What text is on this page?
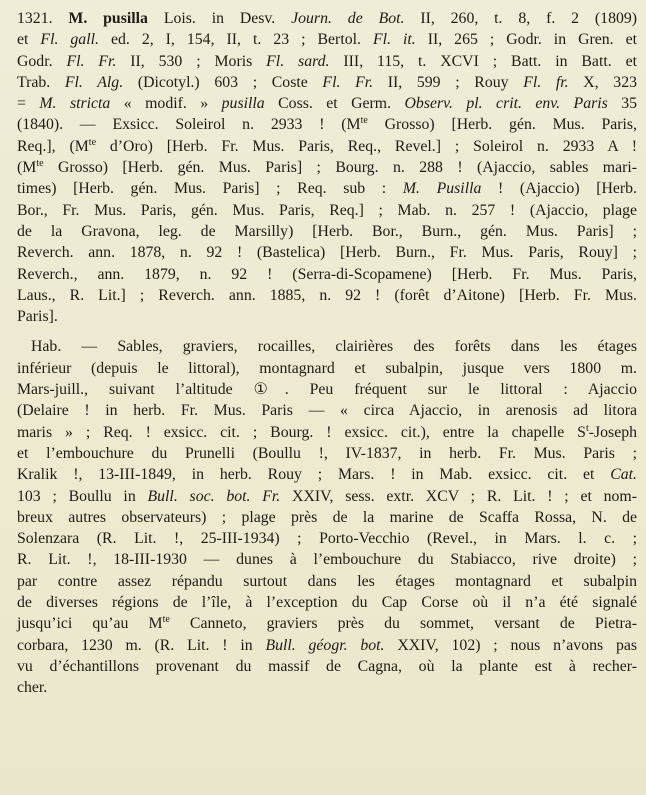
1321. M. pusilla Lois. in Desv. Journ. de Bot. II, 260, t. 8, f. 2 (1809)
et Fl. gall. ed. 2, I, 154, II, t. 23 ; Bertol. Fl. it. II, 265 ; Godr. in Gren. et
Godr. Fl. Fr. II, 530 ; Moris Fl. sard. III, 115, t. XCVI ; Batt. in Batt. et
Trab. Fl. Alg. (Dicotyl.) 603 ; Coste Fl. Fr. II, 599 ; Rouy Fl. fr. X, 323
= M. stricta « modif. » pusilla Coss. et Germ. Observ. pl. crit. env. Paris 35
(1840). — Exsicc. Soleirol n. 2933 ! ($M^{te}$ Grosso) [Herb. gén. Mus. Paris,
Req.], ($M^{te}$ d’Oro) [Herb. Fr. Mus. Paris, Req., Revel.] ; Soleirol n. 2933 A !
($M^{te}$ Grosso) [Herb. gén. Mus. Paris] ; Bourg. n. 288 ! (Ajaccio, sables mari-
times) [Herb. gén. Mus. Paris] ; Req. sub : M. Pusilla ! (Ajaccio) [Herb.
Bor., Fr. Mus. Paris, gén. Mus. Paris, Req.] ; Mab. n. 257 ! (Ajaccio, plage
de la Gravona, leg. de Marsilly) [Herb. Bor., Burn., gén. Mus. Paris] ;
Reverch. ann. 1878, n. 92 ! (Bastelica) [Herb. Burn., Fr. Mus. Paris, Rouy] ;
Reverch., ann. 1879, n. 92 ! (Serra-di-Scopamene) [Herb. Fr. Mus. Paris,
Laus., R. Lit.] ; Reverch. ann. 1885, n. 92 ! (forêt d’Aitone) [Herb. Fr. Mus.
Paris].
Hab. — Sables, graviers, rocailles, clairières des forêts dans les étages
inférieur (depuis le littoral), montagnard et subalpin, jusque vers 1800 m.
Mars-juill., suivant l’altitude ①. Peu fréquent sur le littoral : Ajaccio
(Delaire ! in herb. Fr. Mus. Paris — « circa Ajaccio, in arenosis ad litora
maris » ; Req. ! exsicc. cit. ; Bourg. ! exsicc. cit.), entre la chapelle $S^t$-Joseph
et l’embouchure du Prunelli (Boullu !, IV-1837, in herb. Fr. Mus. Paris ;
Kralik !, 13-III-1849, in herb. Rouy ; Mars. ! in Mab. exsicc. cit. et Cat.
103 ; Boullu in Bull. soc. bot. Fr. XXIV, sess. extr. XCV ; R. Lit. ! ; et nom-
breux autres observateurs) ; plage près de la marine de Scaffa Rossa, N. de
Solenzara (R. Lit. !, 25-III-1934) ; Porto-Vecchio (Revel., in Mars. l. c. ;
R. Lit. !, 18-III-1930 — dunes à l’embouchure du Stabiacco, rive droite) ;
par contre assez répandu surtout dans les étages montagnard et subalpin
de diverses régions de l’île, à l’exception du Cap Corse où il n’a été signalé
jusqu’ici qu’au $M^{te}$ Canneto, graviers près du sommet, versant de Pietra-
corbara, 1230 m. (R. Lit. ! in Bull. géogr. bot. XXIV, 102) ; nous n’avons pas
vu d’échantillons provenant du massif de Cagna, où la plante est à recher-
cher.
